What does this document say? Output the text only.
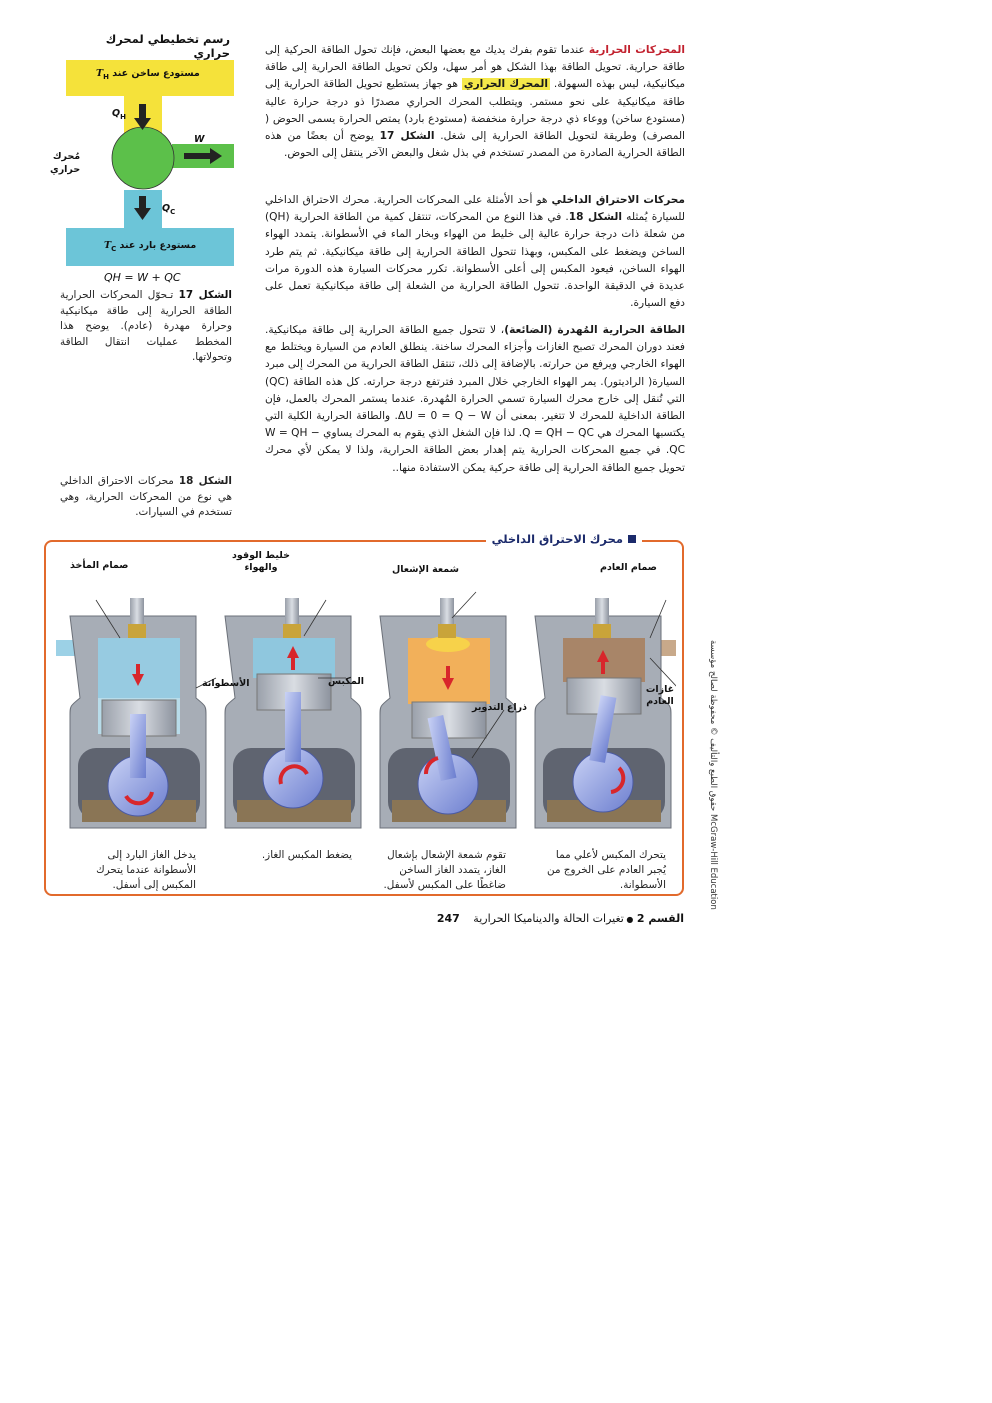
رسم تخطيطي لمحرك حراري
مستودع ساخن عند $T_H$
$Q_H$
W
مُحرك
حراري
$Q_C$
مستودع بارد عند $T_C$
QH = W + QC
الشكل 17 تـحوّل المحركات الحرارية الطاقة الحرارية إلى طاقة ميكانيكية وحرارة مهدرة (عادم). يوضح هذا المخطط عمليات انتقال الطاقة وتحولاتها.
الشكل 18 محركات الاحتراق الداخلي هي نوع من المحركات الحرارية، وهي تستخدم في السيارات.
المحركات الحرارية عندما تقوم بفرك يديك مع بعضها البعض، فإنك تحول الطاقة الحركية إلى طاقة حرارية. تحويل الطاقة بهذا الشكل هو أمر سهل، ولكن تحويل الطاقة الحرارية إلى طاقة ميكانيكية، ليس بهذه السهولة. المحرك الحراري هو جهاز يستطيع تحويل الطاقة الحرارية إلى طاقة ميكانيكية على نحو مستمر. ويتطلب المحرك الحراري مصدرًا ذو درجة حرارة عالية (مستودع ساخن) ووعاء ذي درجة حرارة منخفضة (مستودع بارد) يمتص الحرارة يسمى الحوض ( المصرف) وطريقة لتحويل الطاقة الحرارية إلى شغل. الشكل 17 يوضح أن بعضًا من هذه الطاقة الحرارية الصادرة من المصدر تستخدم في بذل شغل والبعض الآخر ينتقل إلى الحوض.
محركات الاحتراق الداخلي هو أحد الأمثلة على المحركات الحرارية. محرك الاحتراق الداخلي للسيارة يُمثله الشكل 18. في هذا النوع من المحركات، تنتقل كمية من الطاقة الحرارية (QH) من شعلة ذات درجة حرارة عالية إلى خليط من الهواء وبخار الماء في الأسطوانة. يتمدد الهواء الساخن ويضغط على المكبس، وبهذا تتحول الطاقة الحرارية إلى طاقة ميكانيكية. ثم يتم طرد الهواء الساخن، فيعود المكبس إلى أعلى الأسطوانة. تكرر محركات السيارة هذه الدورة مرات عديدة في الدقيقة الواحدة. تتحول الطاقة الحرارية من الشعلة إلى طاقة ميكانيكية تعمل على دفع السيارة.
الطاقة الحرارية المُهدرة (الضائعة)، لا تتحول جميع الطاقة الحرارية إلى طاقة ميكانيكية. فعند دوران المحرك تصبح الغازات وأجزاء المحرك ساخنة. ينطلق العادم من السيارة ويختلط مع الهواء الخارجي ويرفع من حرارته. بالإضافة إلى ذلك، تنتقل الطاقة الحرارية من المحرك إلى مبرد السيارة( الراديتور). يمر الهواء الخارجي خلال المبرد فترتفع درجة حرارته. كل هذه الطاقة (QC) التي تُنقل إلى خارج محرك السيارة تسمي الحرارة المُهدرة. عندما يستمر المحرك بالعمل، فإن الطاقة الداخلية للمحرك لا تتغير. بمعنى أن ΔU = 0 = Q − W. والطاقة الحرارية الكلية التي يكتسبها المحرك هي Q = QH − QC. لذا فإن الشغل الذي يقوم به المحرك يساوي W = QH − QC. في جميع المحركات الحرارية يتم إهدار بعض الطاقة الحرارية، ولذا لا يمكن لأي محرك تحويل جميع الطاقة الحرارية إلى طاقة حركية يمكن الاستفادة منها..
محرك الاحتراق الداخلي
صمام المأخذ
خليط الوقود والهواء	شمعة الإشعال	صمام العادم
الأسطوانة	المكبس
ذراع التدوير
غازات العادم
يدخل الغاز البارد إلى الأسطوانة عندما يتحرك المكبس إلى أسفل.
يضغط المكبس الغاز.	تقوم شمعة الإشعال بإشعال الغاز، يتمدد الغاز الساخن ضاغطًا على المكبس لأسفل.
يتحرك المكبس لأعلي مما يُجبر العادم على الخروج من الأسطوانة.
حقوق الطبع والتأليف © محفوظة لصالح مؤسسة McGraw-Hill Education
القسم 2 ● تغيرات الحالة والديناميكا الحرارية 247
